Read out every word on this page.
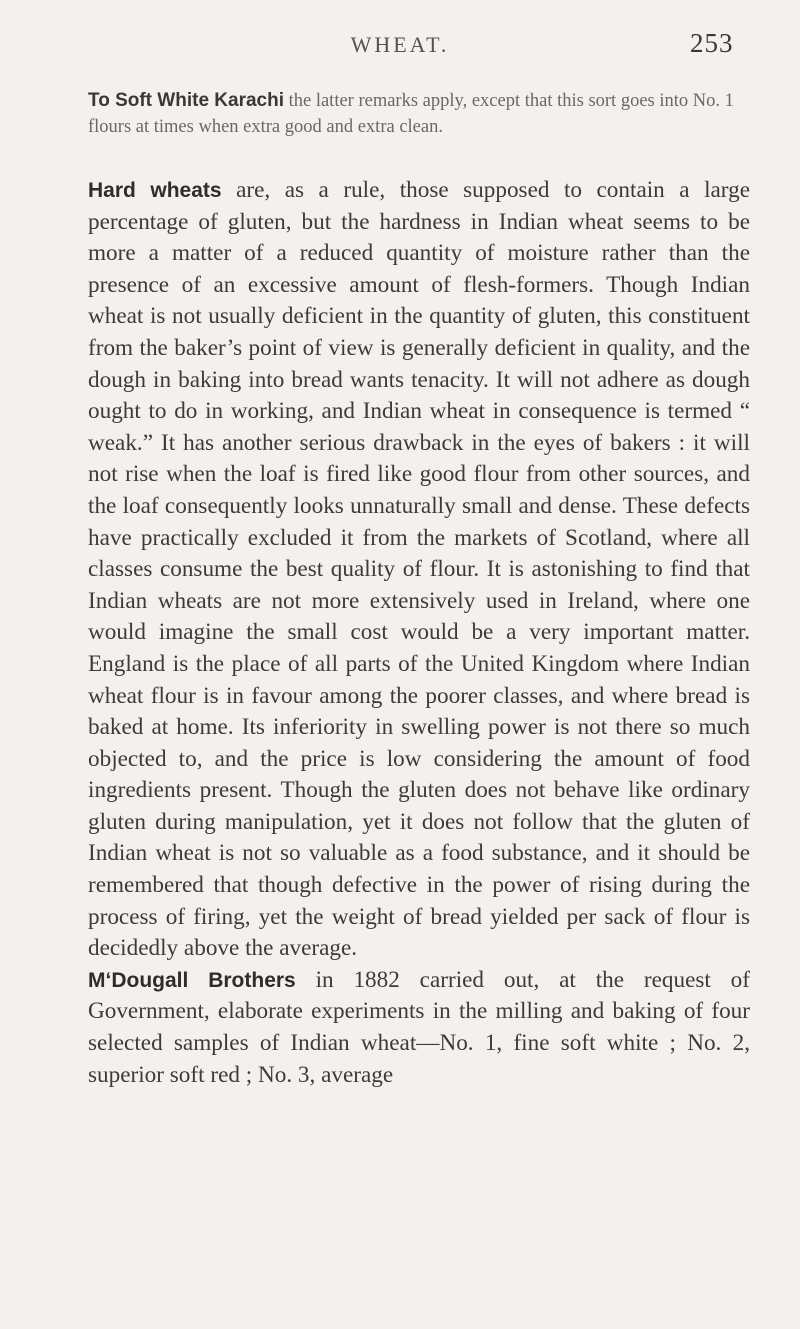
WHEAT.	253
To Soft White Karachi the latter remarks apply, except that this sort goes into No. 1 flours at times when extra good and extra clean.

Hard wheats are, as a rule, those supposed to contain a large percentage of gluten, but the hardness in Indian wheat seems to be more a matter of a reduced quantity of moisture rather than the presence of an excessive amount of flesh-formers. Though Indian wheat is not usually deficient in the quantity of gluten, this constituent from the baker’s point of view is generally deficient in quality, and the dough in baking into bread wants tenacity. It will not adhere as dough ought to do in working, and Indian wheat in consequence is termed “ weak.” It has another serious drawback in the eyes of bakers : it will not rise when the loaf is fired like good flour from other sources, and the loaf consequently looks unnaturally small and dense. These defects have practically excluded it from the markets of Scotland, where all classes consume the best quality of flour. It is astonishing to find that Indian wheats are not more extensively used in Ireland, where one would imagine the small cost would be a very important matter. England is the place of all parts of the United Kingdom where Indian wheat flour is in favour among the poorer classes, and where bread is baked at home. Its inferiority in swelling power is not there so much objected to, and the price is low considering the amount of food ingredients present. Though the gluten does not behave like ordinary gluten during manipulation, yet it does not follow that the gluten of Indian wheat is not so valuable as a food substance, and it should be remembered that though defective in the power of rising during the process of firing, yet the weight of bread yielded per sack of flour is decidedly above the average.

M‘Dougall Brothers in 1882 carried out, at the request of Government, elaborate experiments in the milling and baking of four selected samples of Indian wheat—No. 1, fine soft white ; No. 2, superior soft red ; No. 3, average
